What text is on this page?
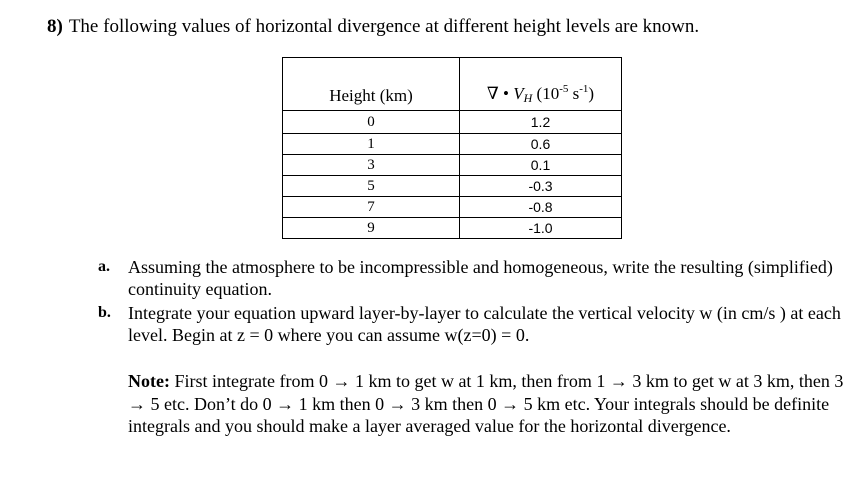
8) The following values of horizontal divergence at different height levels are known.
Height (km)	∇ • $V_H$ ($10^{-5}$ $s^{-1}$)
0	1.2
1	0.6
3	0.1
5	-0.3
7	-0.8
9	-1.0
a. Assuming the atmosphere to be incompressible and homogeneous, write the resulting (simplified) continuity equation.
b. Integrate your equation upward layer-by-layer to calculate the vertical velocity w (in cm/s ) at each level. Begin at z = 0 where you can assume w(z=0) = 0.
Note: First integrate from 0 → 1 km to get w at 1 km, then from 1 → 3 km to get w at 3 km, then 3 → 5 etc. Don’t do 0 → 1 km then 0 → 3 km then 0 → 5 km etc. Your integrals should be definite integrals and you should make a layer averaged value for the horizontal divergence.
